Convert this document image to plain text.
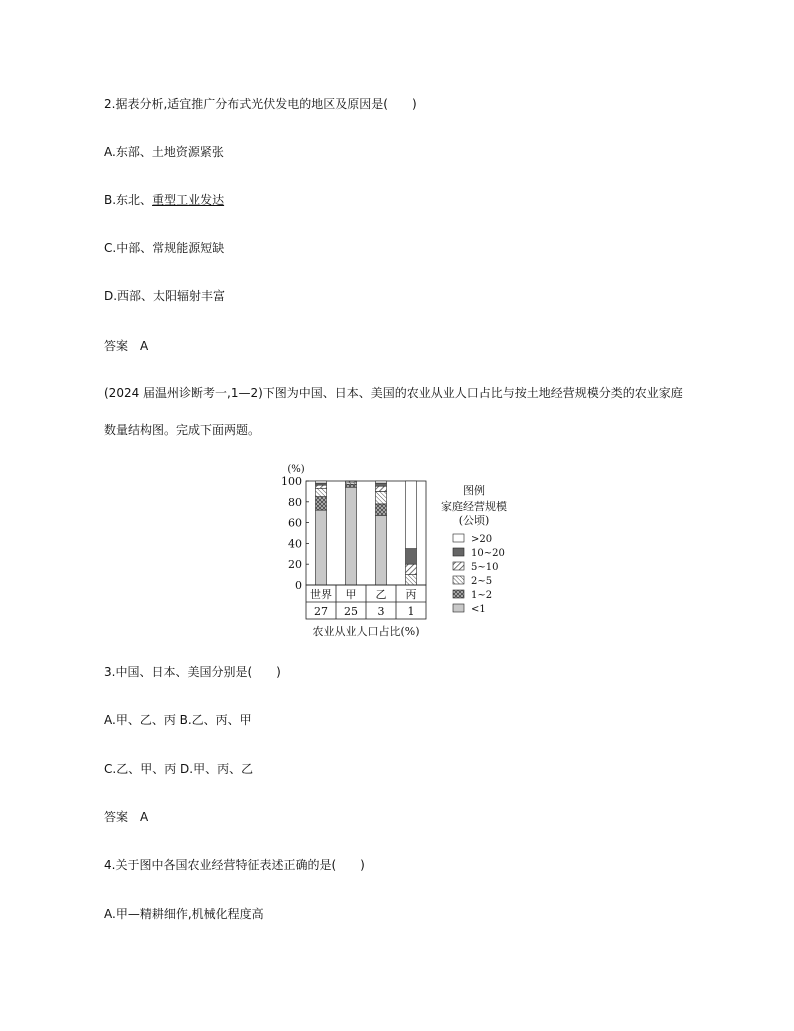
2.据表分析,适宜推广分布式光伏发电的地区及原因是(　　)
A.东部、土地资源紧张
B.东北、重型工业发达
C.中部、常规能源短缺
D.西部、太阳辐射丰富
答案　A
(2024 届温州诊断考一,1—2)下图为中国、日本、美国的农业从业人口占比与按土地经营规模分类的农业家庭
数量结构图。完成下面两题。
100
80
60
40
20
0
(%)
世界
27
甲
25
乙
3
丙
1
农业从业人口占比(%)
图例
家庭经营规模
(公顷)
>20
10~20
5~10
2~5
1~2
<1
3.中国、日本、美国分别是(　　)
A.甲、乙、丙 B.乙、丙、甲
C.乙、甲、丙 D.甲、丙、乙
答案　A
4.关于图中各国农业经营特征表述正确的是(　　)
A.甲—精耕细作,机械化程度高
